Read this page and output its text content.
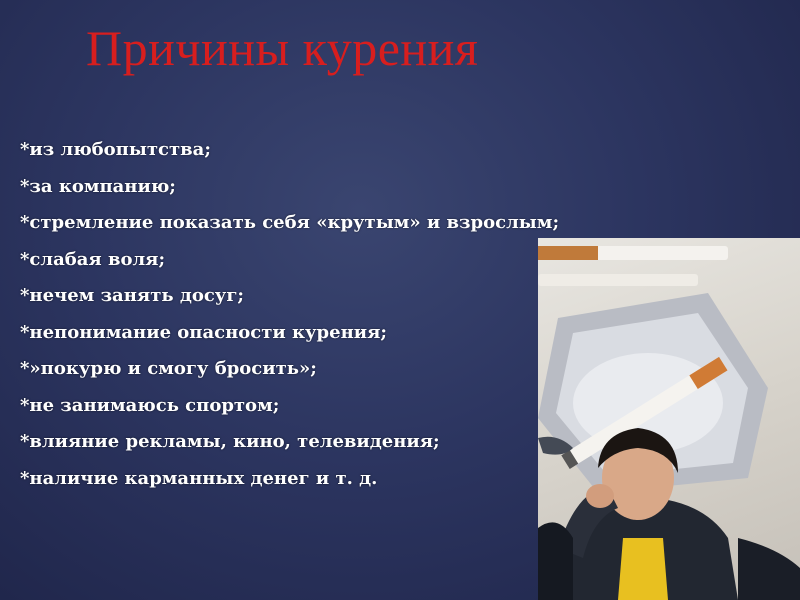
Причины курения
*из любопытства;
*за компанию;
*стремление показать себя «крутым» и взрослым;
*слабая воля;
*нечем занять досуг;
*непонимание опасности курения;
*»покурю и смогу бросить»;
*не занимаюсь спортом;
*влияние рекламы, кино, телевидения;
*наличие карманных денег и т. д.
